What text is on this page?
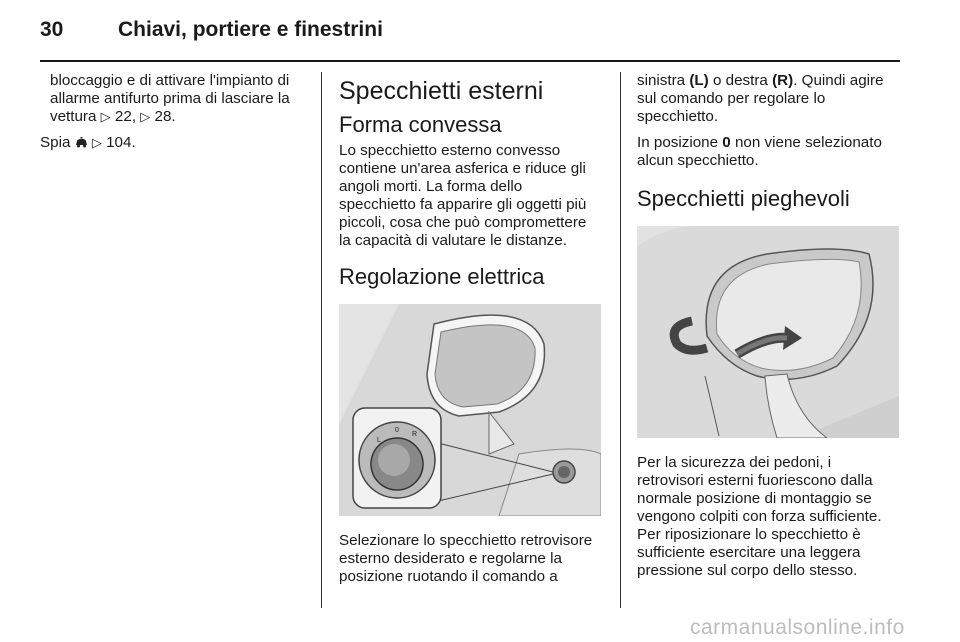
30	Chiavi, portiere e finestrini

bloccaggio e di attivare l'impianto di allarme antifurto prima di lasciare la vettura ▷ 22, ▷ 28.

Spia ▷ 104.

Specchietti esterni
Forma convessa

Lo specchietto esterno convesso contiene un'area asferica e riduce gli angoli morti. La forma dello specchietto fa apparire gli oggetti più piccoli, cosa che può compromettere la capacità di valutare le distanze.

Regolazione elettrica
L
0
R

Selezionare lo specchietto retrovisore esterno desiderato e regolarne la posizione ruotando il comando a

sinistra (L) o destra (R). Quindi agire sul comando per regolare lo specchietto.

In posizione 0 non viene selezionato alcun specchietto.

Specchietti pieghevoli

Per la sicurezza dei pedoni, i retrovisori esterni fuoriescono dalla normale posizione di montaggio se vengono colpiti con forza sufficiente. Per riposizionare lo specchietto è sufficiente esercitare una leggera pressione sul corpo dello stesso.

carmanualsonline.info
